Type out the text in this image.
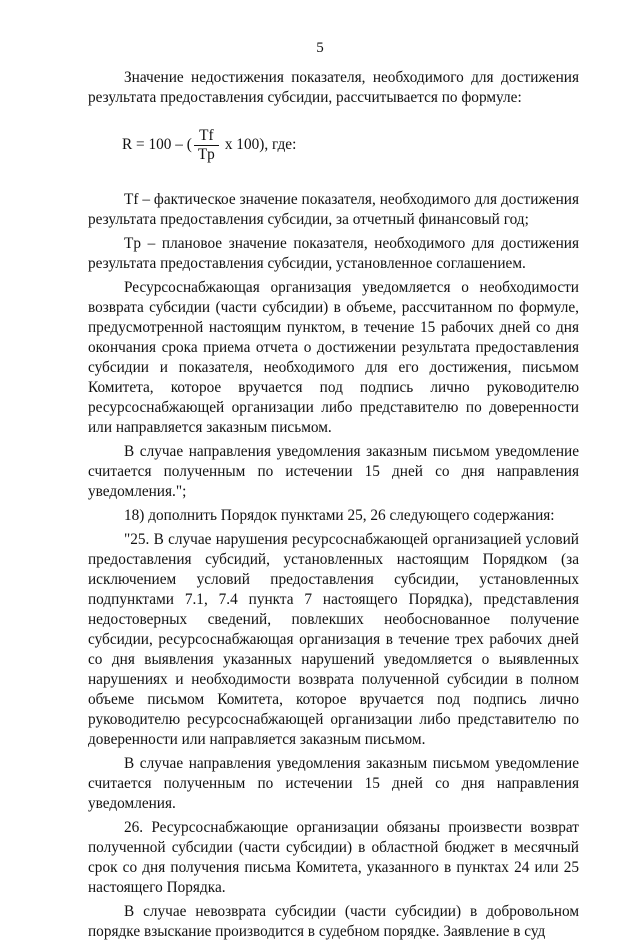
5

Значение недостижения показателя, необходимого для достижения результата предоставления субсидии, рассчитывается по формуле:

R = 100 – ( $\frac{Tf}{Tp}$ x 100), где:

Tf – фактическое значение показателя, необходимого для достижения результата предоставления субсидии, за отчетный финансовый год;

Tp – плановое значение показателя, необходимого для достижения результата предоставления субсидии, установленное соглашением.

Ресурсоснабжающая организация уведомляется о необходимости возврата субсидии (части субсидии) в объеме, рассчитанном по формуле, предусмотренной настоящим пунктом, в течение 15 рабочих дней со дня окончания срока приема отчета о достижении результата предоставления субсидии и показателя, необходимого для его достижения, письмом Комитета, которое вручается под подпись лично руководителю ресурсоснабжающей организации либо представителю по доверенности или направляется заказным письмом.

В случае направления уведомления заказным письмом уведомление считается полученным по истечении 15 дней со дня направления уведомления.";

18) дополнить Порядок пунктами 25, 26 следующего содержания:

"25. В случае нарушения ресурсоснабжающей организацией условий предоставления субсидий, установленных настоящим Порядком (за исключением условий предоставления субсидии, установленных подпунктами 7.1, 7.4 пункта 7 настоящего Порядка), представления недостоверных сведений, повлекших необоснованное получение субсидии, ресурсоснабжающая организация в течение трех рабочих дней со дня выявления указанных нарушений уведомляется о выявленных нарушениях и необходимости возврата полученной субсидии в полном объеме письмом Комитета, которое вручается под подпись лично руководителю ресурсоснабжающей организации либо представителю по доверенности или направляется заказным письмом.

В случае направления уведомления заказным письмом уведомление считается полученным по истечении 15 дней со дня направления уведомления.

26. Ресурсоснабжающие организации обязаны произвести возврат полученной субсидии (части субсидии) в областной бюджет в месячный срок со дня получения письма Комитета, указанного в пунктах 24 или 25 настоящего Порядка.

В случае невозврата субсидии (части субсидии) в добровольном порядке взыскание производится в судебном порядке. Заявление в суд
